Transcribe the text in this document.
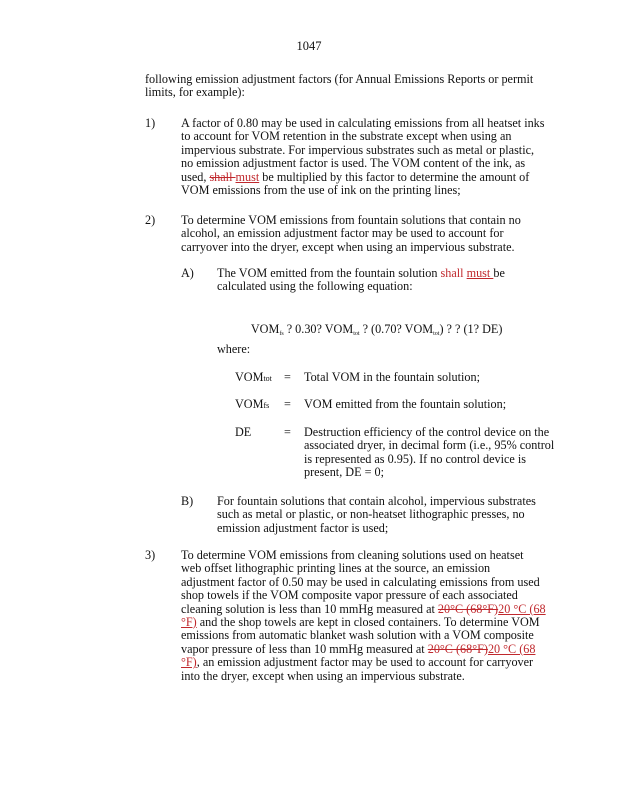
1047

following emission adjustment factors (for Annual Emissions Reports or permit limits, for example):

1) A factor of 0.80 may be used in calculating emissions from all heatset inks
to account for VOM retention in the substrate except when using an
impervious substrate. For impervious substrates such as metal or plastic,
no emission adjustment factor is used. The VOM content of the ink, as
used, shall must be multiplied by this factor to determine the amount of
VOM emissions from the use of ink on the printing lines;
2) To determine VOM emissions from fountain solutions that contain no
alcohol, an emission adjustment factor may be used to account for
carryover into the dryer, except when using an impervious substrate.
A) The VOM emitted from the fountain solution shall must be
calculated using the following equation:

VOMfs ? 0.30? VOMtot ? (0.70? VOMtot) ? ? (1? DE)

where:
VOMtot = Total VOM in the fountain solution;
VOMfs = VOM emitted from the fountain solution;
DE	= Destruction efficiency of the control device on the
associated dryer, in decimal form (i.e., 95% control
is represented as 0.95). If no control device is
present, DE = 0;
B) For fountain solutions that contain alcohol, impervious substrates
such as metal or plastic, or non-heatset lithographic presses, no
emission adjustment factor is used;
3) To determine VOM emissions from cleaning solutions used on heatset
web offset lithographic printing lines at the source, an emission
adjustment factor of 0.50 may be used in calculating emissions from used
shop towels if the VOM composite vapor pressure of each associated
cleaning solution is less than 10 mmHg measured at 20°C (68°F)20 °C (68
°F) and the shop towels are kept in closed containers. To determine VOM
emissions from automatic blanket wash solution with a VOM composite
vapor pressure of less than 10 mmHg measured at 20°C (68°F)20 °C (68
°F), an emission adjustment factor may be used to account for carryover
into the dryer, except when using an impervious substrate.
